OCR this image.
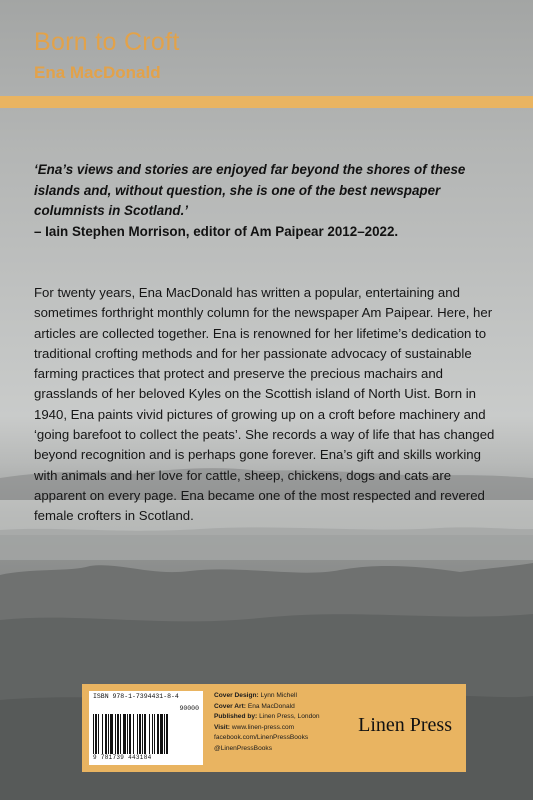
Born to Croft
Ena MacDonald
‘Ena’s views and stories are enjoyed far beyond the shores of these islands and, without question, she is one of the best newspaper columnists in Scotland.’
– Iain Stephen Morrison, editor of Am Paipear 2012–2022.

For twenty years, Ena MacDonald has written a popular, entertaining and sometimes forthright monthly column for the newspaper Am Paipear. Here, her articles are collected together. Ena is renowned for her lifetime’s dedication to traditional crofting methods and for her passionate advocacy of sustainable farming practices that protect and preserve the precious machairs and grasslands of her beloved Kyles on the Scottish island of North Uist. Born in 1940, Ena paints vivid pictures of growing up on a croft before machinery and ‘going barefoot to collect the peats’. She records a way of life that has changed beyond recognition and is perhaps gone forever. Ena’s gift and skills working with animals and her love for cattle, sheep, chickens, dogs and cats are apparent on every page. Ena became one of the most respected and revered female crofters in Scotland.

ISBN 978-1-7394431-8-4
90000
9 781739 443184
Cover Design: Lynn Michell
Cover Art: Ena MacDonald
Published by: Linen Press, London
Visit: www.linen-press.com
facebook.com/LinenPressBooks
@LinenPressBooks
Linen Press
